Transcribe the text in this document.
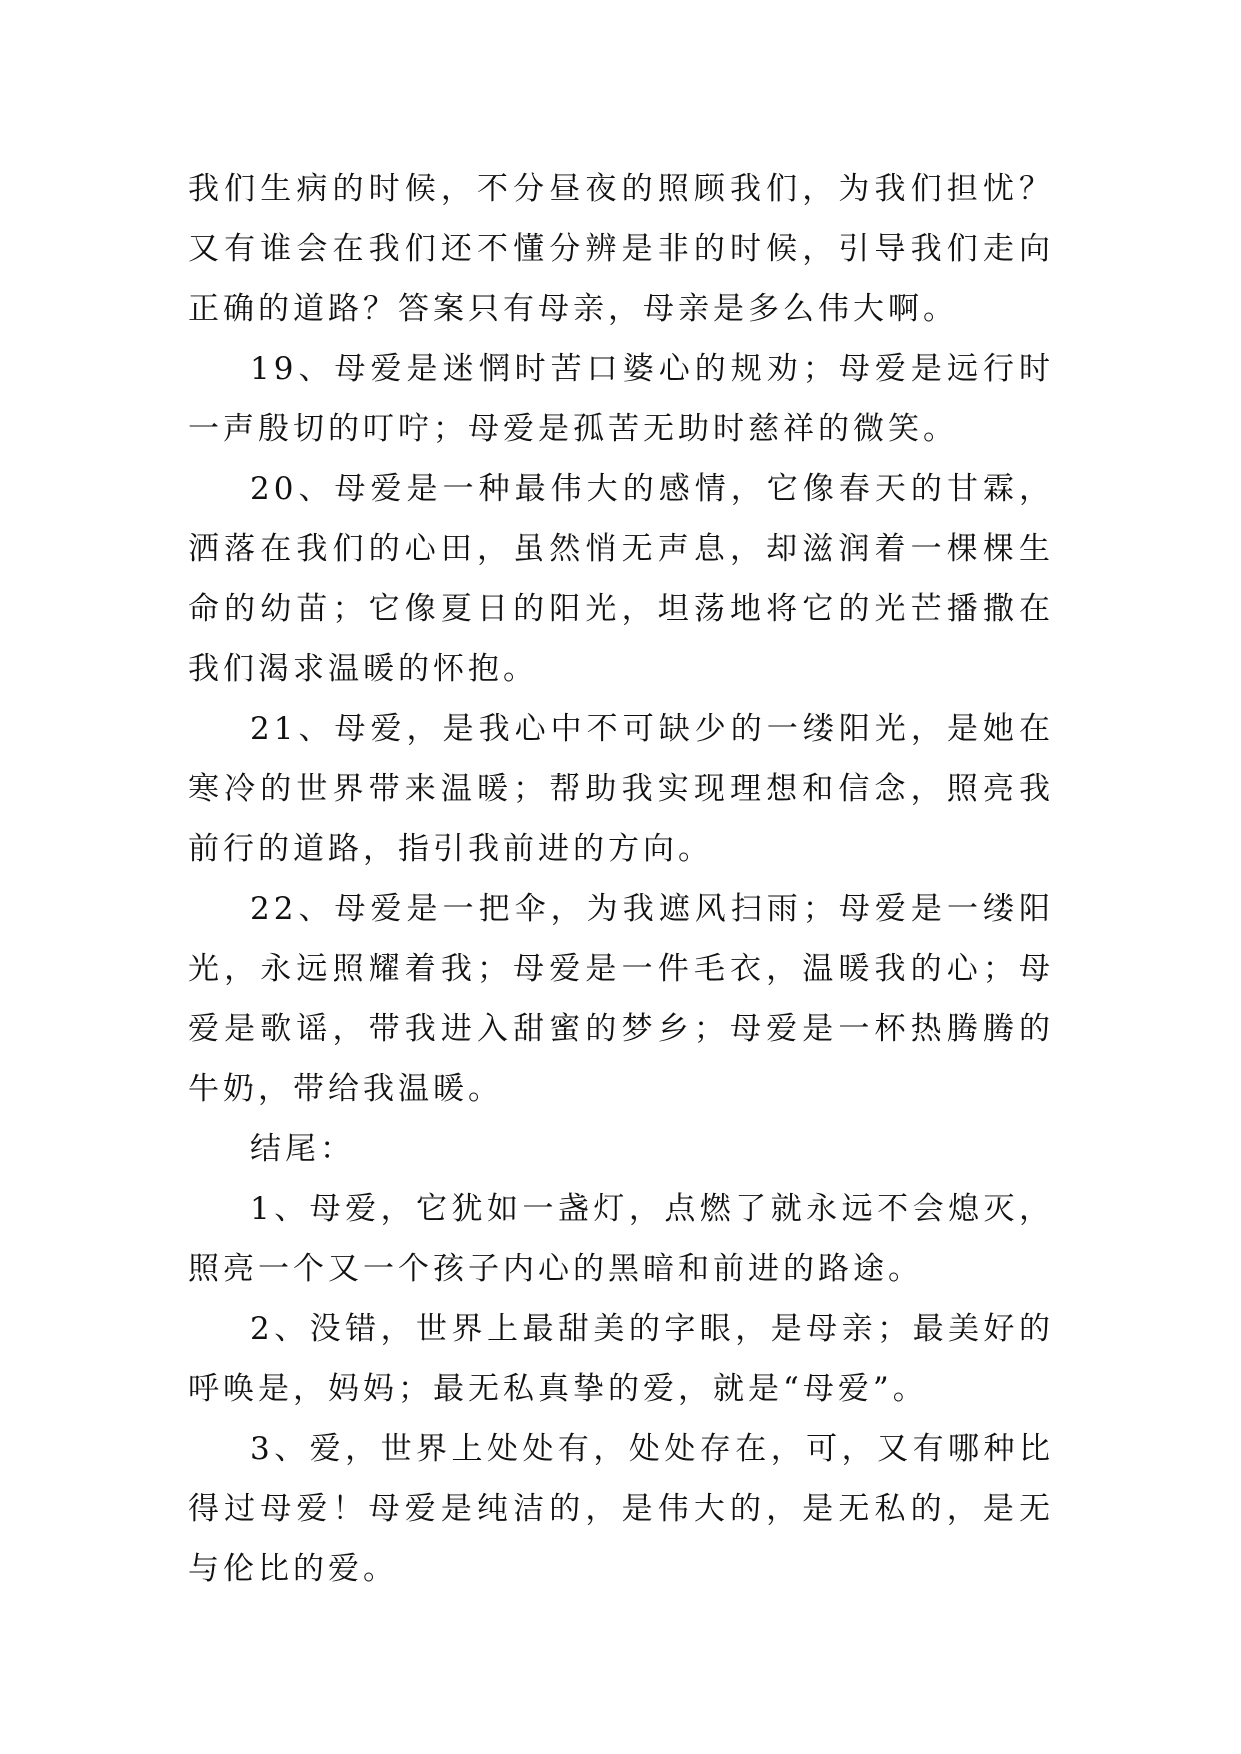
我们生病的时候，不分昼夜的照顾我们，为我们担忧？又有谁会在我们还不懂分辨是非的时候，引导我们走向正确的道路？答案只有母亲，母亲是多么伟大啊。

19、母爱是迷惘时苦口婆心的规劝；母爱是远行时一声殷切的叮咛；母爱是孤苦无助时慈祥的微笑。

20、母爱是一种最伟大的感情，它像春天的甘霖，洒落在我们的心田，虽然悄无声息，却滋润着一棵棵生命的幼苗；它像夏日的阳光，坦荡地将它的光芒播撒在我们渴求温暖的怀抱。

21、母爱，是我心中不可缺少的一缕阳光，是她在寒冷的世界带来温暖；帮助我实现理想和信念，照亮我前行的道路，指引我前进的方向。

22、母爱是一把伞，为我遮风扫雨；母爱是一缕阳光，永远照耀着我；母爱是一件毛衣，温暖我的心；母爱是歌谣，带我进入甜蜜的梦乡；母爱是一杯热腾腾的牛奶，带给我温暖。

结尾：

1、母爱，它犹如一盏灯，点燃了就永远不会熄灭，照亮一个又一个孩子内心的黑暗和前进的路途。

2、没错，世界上最甜美的字眼，是母亲；最美好的呼唤是，妈妈；最无私真挚的爱，就是“母爱”。

3、爱，世界上处处有，处处存在，可，又有哪种比得过母爱！母爱是纯洁的，是伟大的，是无私的，是无与伦比的爱。
